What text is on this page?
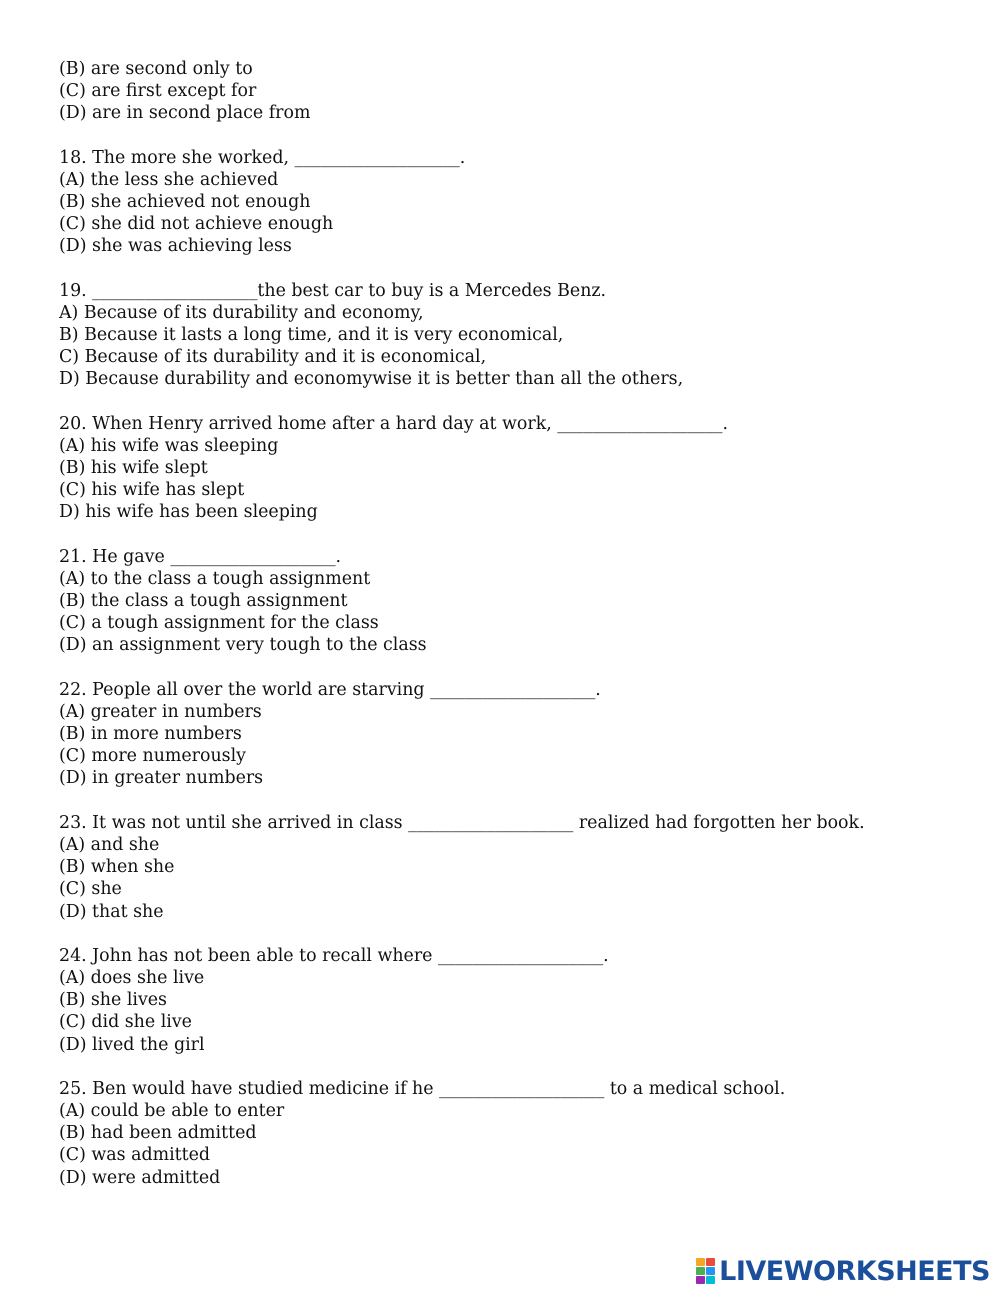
(B) are second only to
(C) are first except for
(D) are in second place from
18. The more she worked, ___________________.
(A) the less she achieved
(B) she achieved not enough
(C) she did not achieve enough
(D) she was achieving less
19. ___________________the best car to buy is a Mercedes Benz.
A) Because of its durability and economy,
B) Because it lasts a long time, and it is very economical,
C) Because of its durability and it is economical,
D) Because durability and economywise it is better than all the others,
20. When Henry arrived home after a hard day at work, ___________________.
(A) his wife was sleeping
(B) his wife slept
(C) his wife has slept
D) his wife has been sleeping
21. He gave ___________________.
(A) to the class a tough assignment
(B) the class a tough assignment
(C) a tough assignment for the class
(D) an assignment very tough to the class
22. People all over the world are starving ___________________.
(A) greater in numbers
(B) in more numbers
(C) more numerously
(D) in greater numbers
23. It was not until she arrived in class ___________________ realized had forgotten her book.
(A) and she
(B) when she
(C) she
(D) that she
24. John has not been able to recall where ___________________.
(A) does she live
(B) she lives
(C) did she live
(D) lived the girl
25. Ben would have studied medicine if he ___________________ to a medical school.
(A) could be able to enter
(B) had been admitted
(C) was admitted
(D) were admitted
LIVEWORKSHEETS
